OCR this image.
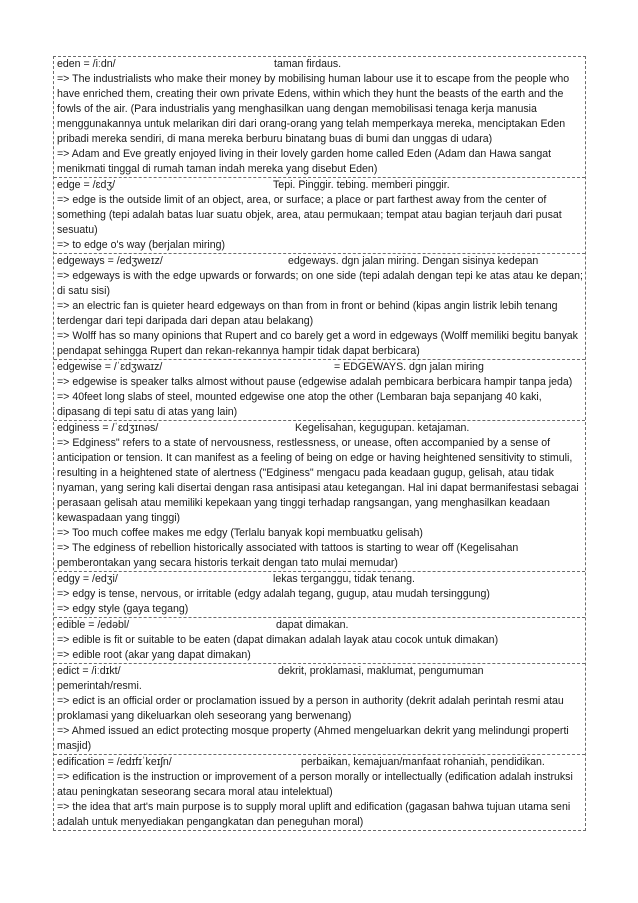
eden = /iːdn/	taman firdaus.
=> The industrialists who make their money by mobilising human labour use it to escape from the people who have enriched them, creating their own private Edens, within which they hunt the beasts of the earth and the fowls of the air. (Para industrialis yang menghasilkan uang dengan memobilisasi tenaga kerja manusia menggunakannya untuk melarikan diri dari orang-orang yang telah memperkaya mereka, menciptakan Eden pribadi mereka sendiri, di mana mereka berburu binatang buas di bumi dan unggas di udara)
=> Adam and Eve greatly enjoyed living in their lovely garden home called Eden (Adam dan Hawa sangat menikmati tinggal di rumah taman indah mereka yang disebut Eden)
edge = /ɛdʒ/	Tepi. Pinggir. tebing. memberi pinggir.
=> edge is the outside limit of an object, area, or surface; a place or part farthest away from the center of something (tepi adalah batas luar suatu objek, area, atau permukaan; tempat atau bagian terjauh dari pusat sesuatu)
=> to edge o's way (berjalan miring)
edgeways = /edʒweɪz/	edgeways. dgn jalan miring. Dengan sisinya kedepan
=> edgeways is with the edge upwards or forwards; on one side (tepi adalah dengan tepi ke atas atau ke depan; di satu sisi)
=> an electric fan is quieter heard edgeways on than from in front or behind (kipas angin listrik lebih tenang terdengar dari tepi daripada dari depan atau belakang)
=> Wolff has so many opinions that Rupert and co barely get a word in edgeways (Wolff memiliki begitu banyak pendapat sehingga Rupert dan rekan-rekannya hampir tidak dapat berbicara)
edgewise = /ˈɛdʒwaɪz/	= EDGEWAYS. dgn jalan miring
=> edgewise is speaker talks almost without pause (edgewise adalah pembicara berbicara hampir tanpa jeda)
=> 40feet long slabs of steel, mounted edgewise one atop the other (Lembaran baja sepanjang 40 kaki, dipasang di tepi satu di atas yang lain)
edginess = /ˈɛdʒɪnəs/	Kegelisahan, kegugupan. ketajaman.
=> Edginess" refers to a state of nervousness, restlessness, or unease, often accompanied by a sense of anticipation or tension. It can manifest as a feeling of being on edge or having heightened sensitivity to stimuli, resulting in a heightened state of alertness ("Edginess" mengacu pada keadaan gugup, gelisah, atau tidak nyaman, yang sering kali disertai dengan rasa antisipasi atau ketegangan. Hal ini dapat bermanifestasi sebagai perasaan gelisah atau memiliki kepekaan yang tinggi terhadap rangsangan, yang menghasilkan keadaan kewaspadaan yang tinggi)
=> Too much coffee makes me edgy (Terlalu banyak kopi membuatku gelisah)
=> The edginess of rebellion historically associated with tattoos is starting to wear off (Kegelisahan pemberontakan yang secara historis terkait dengan tato mulai memudar)
edgy = /edʒi/	lekas terganggu, tidak tenang.
=> edgy is tense, nervous, or irritable (edgy adalah tegang, gugup, atau mudah tersinggung)
=> edgy style (gaya tegang)
edible = /edəbl/	dapat dimakan.
=> edible is fit or suitable to be eaten (dapat dimakan adalah layak atau cocok untuk dimakan)
=> edible root (akar yang dapat dimakan)
edict = /iːdɪkt/	dekrit, proklamasi, maklumat, pengumuman
pemerintah/resmi.
=> edict is an official order or proclamation issued by a person in authority (dekrit adalah perintah resmi atau proklamasi yang dikeluarkan oleh seseorang yang berwenang)
=> Ahmed issued an edict protecting mosque property (Ahmed mengeluarkan dekrit yang melindungi properti masjid)
edification = /edɪfɪˈkeɪʃn/	perbaikan, kemajuan/manfaat rohaniah, pendidikan.
=> edification is the instruction or improvement of a person morally or intellectually (edification adalah instruksi atau peningkatan seseorang secara moral atau intelektual)
=> the idea that art's main purpose is to supply moral uplift and edification (gagasan bahwa tujuan utama seni adalah untuk menyediakan pengangkatan dan peneguhan moral)
